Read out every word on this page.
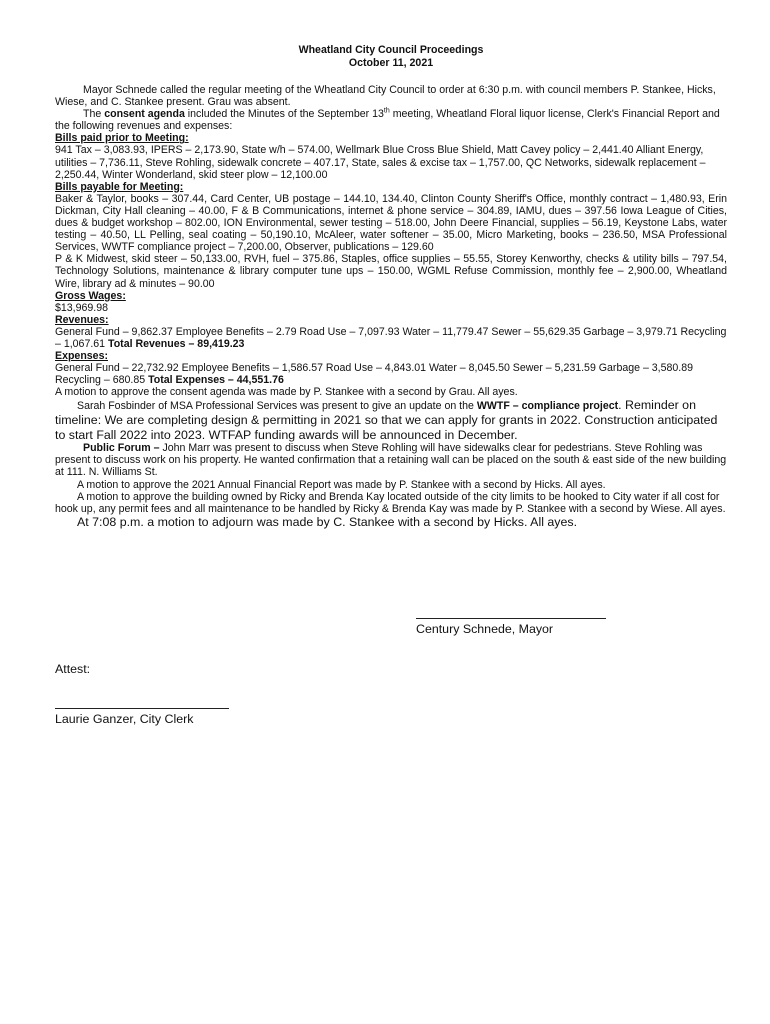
Wheatland City Council Proceedings
October 11, 2021

Mayor Schnede called the regular meeting of the Wheatland City Council to order at 6:30 p.m. with council members P. Stankee, Hicks, Wiese, and C. Stankee present. Grau was absent.

The consent agenda included the Minutes of the September 13th meeting, Wheatland Floral liquor license, Clerk's Financial Report and the following revenues and expenses:

Bills paid prior to Meeting:

941 Tax – 3,083.93, IPERS – 2,173.90, State w/h – 574.00, Wellmark Blue Cross Blue Shield, Matt Cavey policy – 2,441.40 Alliant Energy, utilities – 7,736.11, Steve Rohling, sidewalk concrete – 407.17, State, sales & excise tax – 1,757.00, QC Networks, sidewalk replacement – 2,250.44, Winter Wonderland, skid steer plow – 12,100.00

Bills payable for Meeting:

Baker & Taylor, books – 307.44, Card Center, UB postage – 144.10, 134.40, Clinton County Sheriff's Office, monthly contract – 1,480.93, Erin Dickman, City Hall cleaning – 40.00, F & B Communications, internet & phone service – 304.89, IAMU, dues – 397.56 Iowa League of Cities, dues & budget workshop – 802.00, ION Environmental, sewer testing – 518.00, John Deere Financial, supplies – 56.19, Keystone Labs, water testing – 40.50, LL Pelling, seal coating – 50,190.10, McAleer, water softener – 35.00, Micro Marketing, books – 236.50, MSA Professional Services, WWTF compliance project – 7,200.00, Observer, publications – 129.60

P & K Midwest, skid steer – 50,133.00, RVH, fuel – 375.86, Staples, office supplies – 55.55, Storey Kenworthy, checks & utility bills – 797.54, Technology Solutions, maintenance & library computer tune ups – 150.00, WGML Refuse Commission, monthly fee – 2,900.00, Wheatland Wire, library ad & minutes – 90.00

Gross Wages:
$13,969.98
Revenues:

General Fund – 9,862.37 Employee Benefits – 2.79 Road Use – 7,097.93 Water – 11,779.47 Sewer – 55,629.35 Garbage – 3,979.71 Recycling – 1,067.61 Total Revenues – 89,419.23

Expenses:

General Fund – 22,732.92 Employee Benefits – 1,586.57 Road Use – 4,843.01 Water – 8,045.50 Sewer – 5,231.59 Garbage – 3,580.89 Recycling – 680.85 Total Expenses – 44,551.76

A motion to approve the consent agenda was made by P. Stankee with a second by Grau. All ayes.

Sarah Fosbinder of MSA Professional Services was present to give an update on the WWTF – compliance project. Reminder on timeline: We are completing design & permitting in 2021 so that we can apply for grants in 2022. Construction anticipated to start Fall 2022 into 2023. WTFAP funding awards will be announced in December.

Public Forum – John Marr was present to discuss when Steve Rohling will have sidewalks clear for pedestrians. Steve Rohling was present to discuss work on his property. He wanted confirmation that a retaining wall can be placed on the south & east side of the new building at 111. N. Williams St.

A motion to approve the 2021 Annual Financial Report was made by P. Stankee with a second by Hicks. All ayes.

A motion to approve the building owned by Ricky and Brenda Kay located outside of the city limits to be hooked to City water if all cost for hook up, any permit fees and all maintenance to be handled by Ricky & Brenda Kay was made by P. Stankee with a second by Wiese. All ayes.

At 7:08 p.m. a motion to adjourn was made by C. Stankee with a second by Hicks. All ayes.

Century Schnede, Mayor
Attest:
Laurie Ganzer, City Clerk
